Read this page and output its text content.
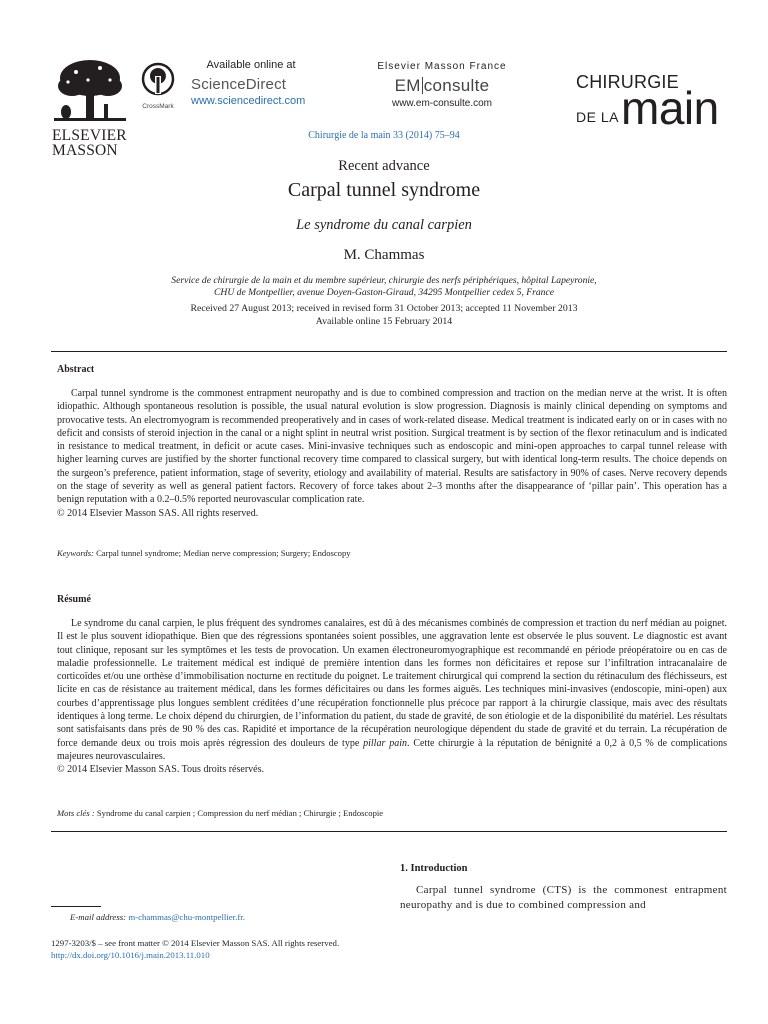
ELSEVIER
MASSON
CrossMark
Available online at
ScienceDirect
www.sciencedirect.com
Elsevier Masson France
EM consulte
www.em-consulte.com
CHIRURGIE
DE LA main
Chirurgie de la main 33 (2014) 75–94
Recent advance
Carpal tunnel syndrome
Le syndrome du canal carpien
M. Chammas
Service de chirurgie de la main et du membre supérieur, chirurgie des nerfs périphériques, hôpital Lapeyronie,
CHU de Montpellier, avenue Doyen-Gaston-Giraud, 34295 Montpellier cedex 5, France
Received 27 August 2013; received in revised form 31 October 2013; accepted 11 November 2013
Available online 15 February 2014
Abstract

Carpal tunnel syndrome is the commonest entrapment neuropathy and is due to combined compression and traction on the median nerve at the wrist. It is often idiopathic. Although spontaneous resolution is possible, the usual natural evolution is slow progression. Diagnosis is mainly clinical depending on symptoms and provocative tests. An electromyogram is recommended preoperatively and in cases of work-related disease. Medical treatment is indicated early on or in cases with no deficit and consists of steroid injection in the canal or a night splint in neutral wrist position. Surgical treatment is by section of the flexor retinaculum and is indicated in resistance to medical treatment, in deficit or acute cases. Mini-invasive techniques such as endoscopic and mini-open approaches to carpal tunnel release with higher learning curves are justified by the shorter functional recovery time compared to classical surgery, but with identical long-term results. The choice depends on the surgeon’s preference, patient information, stage of severity, etiology and availability of material. Results are satisfactory in 90% of cases. Nerve recovery depends on the stage of severity as well as general patient factors. Recovery of force takes about 2–3 months after the disappearance of ‘pillar pain’. This operation has a benign reputation with a 0.2–0.5% reported neurovascular complication rate.

© 2014 Elsevier Masson SAS. All rights reserved.

Keywords: Carpal tunnel syndrome; Median nerve compression; Surgery; Endoscopy
Résumé

Le syndrome du canal carpien, le plus fréquent des syndromes canalaires, est dû à des mécanismes combinés de compression et traction du nerf médian au poignet. Il est le plus souvent idiopathique. Bien que des régressions spontanées soient possibles, une aggravation lente est observée le plus souvent. Le diagnostic est avant tout clinique, reposant sur les symptômes et les tests de provocation. Un examen électroneuromyographique est recommandé en période préopératoire ou en cas de maladie professionnelle. Le traitement médical est indiqué de première intention dans les formes non déficitaires et repose sur l’infiltration intracanalaire de corticoïdes et/ou une orthèse d’immobilisation nocturne en rectitude du poignet. Le traitement chirurgical qui comprend la section du rétinaculum des fléchisseurs, est licite en cas de résistance au traitement médical, dans les formes déficitaires ou dans les formes aiguës. Les techniques mini-invasives (endoscopie, mini-open) aux courbes d’apprentissage plus longues semblent créditées d’une récupération fonctionnelle plus précoce par rapport à la chirurgie classique, mais avec des résultats identiques à long terme. Le choix dépend du chirurgien, de l’information du patient, du stade de gravité, de son étiologie et de la disponibilité du matériel. Les résultats sont satisfaisants dans près de 90 % des cas. Rapidité et importance de la récupération neurologique dépendent du stade de gravité et du terrain. La récupération de force demande deux ou trois mois après régression des douleurs de type pillar pain. Cette chirurgie à la réputation de bénignité a 0,2 à 0,5 % de complications majeures neurovasculaires.

© 2014 Elsevier Masson SAS. Tous droits réservés.

Mots clés : Syndrome du canal carpien ; Compression du nerf médian ; Chirurgie ; Endoscopie
1. Introduction
Carpal tunnel syndrome (CTS) is the commonest entrapment neuropathy and is due to combined compression and
E-mail address: m-chammas@chu-montpellier.fr.
1297-3203/$ – see front matter © 2014 Elsevier Masson SAS. All rights reserved.
http://dx.doi.org/10.1016/j.main.2013.11.010
